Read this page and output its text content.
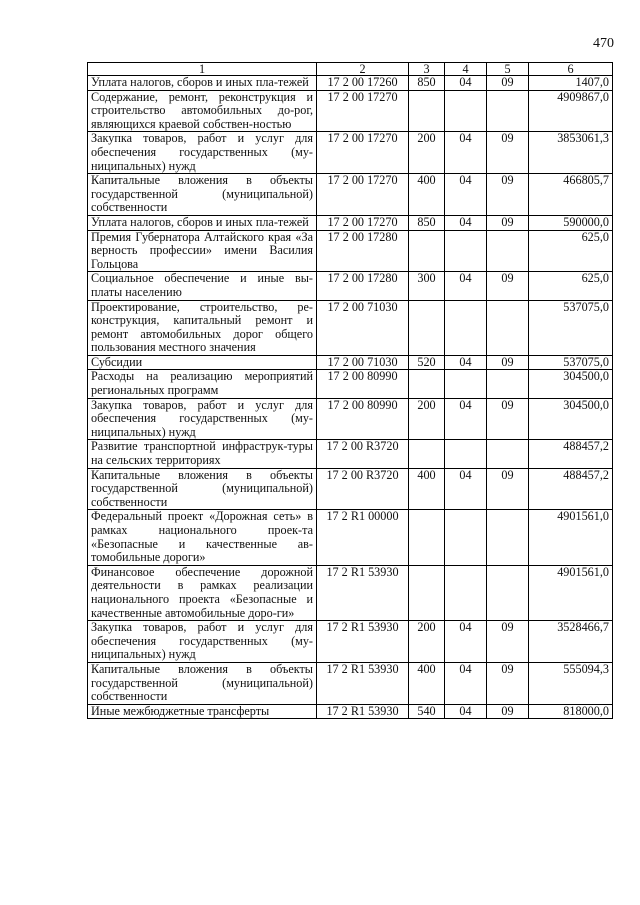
470
1	2	3	4	5	6
Уплата налогов, сборов и иных пла-тежей	17 2 00 17260	850	04	09	1407,0
Содержание, ремонт, реконструкция и строительство автомобильных до-рог, являющихся краевой собствен-ностью	17 2 00 17270				4909867,0
Закупка товаров, работ и услуг для обеспечения государственных (му-ниципальных) нужд	17 2 00 17270	200	04	09	3853061,3
Капитальные вложения в объекты государственной (муниципальной) собственности	17 2 00 17270	400	04	09	466805,7
Уплата налогов, сборов и иных пла-тежей	17 2 00 17270	850	04	09	590000,0
Премия Губернатора Алтайского края «За верность профессии» имени Василия Гольцова	17 2 00 17280				625,0
Социальное обеспечение и иные вы-платы населению	17 2 00 17280	300	04	09	625,0
Проектирование, строительство, ре-конструкция, капитальный ремонт и ремонт автомобильных дорог общего пользования местного значения	17 2 00 71030				537075,0
Субсидии	17 2 00 71030	520	04	09	537075,0
Расходы на реализацию мероприятий региональных программ	17 2 00 80990				304500,0
Закупка товаров, работ и услуг для обеспечения государственных (му-ниципальных) нужд	17 2 00 80990	200	04	09	304500,0
Развитие транспортной инфраструк-туры на сельских территориях	17 2 00 R3720				488457,2
Капитальные вложения в объекты государственной (муниципальной) собственности	17 2 00 R3720	400	04	09	488457,2
Федеральный проект «Дорожная сеть» в рамках национального проек-та «Безопасные и качественные ав-томобильные дороги»	17 2 R1 00000				4901561,0
Финансовое обеспечение дорожной деятельности в рамках реализации национального проекта «Безопасные и качественные автомобильные доро-ги»	17 2 R1 53930				4901561,0
Закупка товаров, работ и услуг для обеспечения государственных (му-ниципальных) нужд	17 2 R1 53930	200	04	09	3528466,7
Капитальные вложения в объекты государственной (муниципальной) собственности	17 2 R1 53930	400	04	09	555094,3
Иные межбюджетные трансферты	17 2 R1 53930	540	04	09	818000,0
